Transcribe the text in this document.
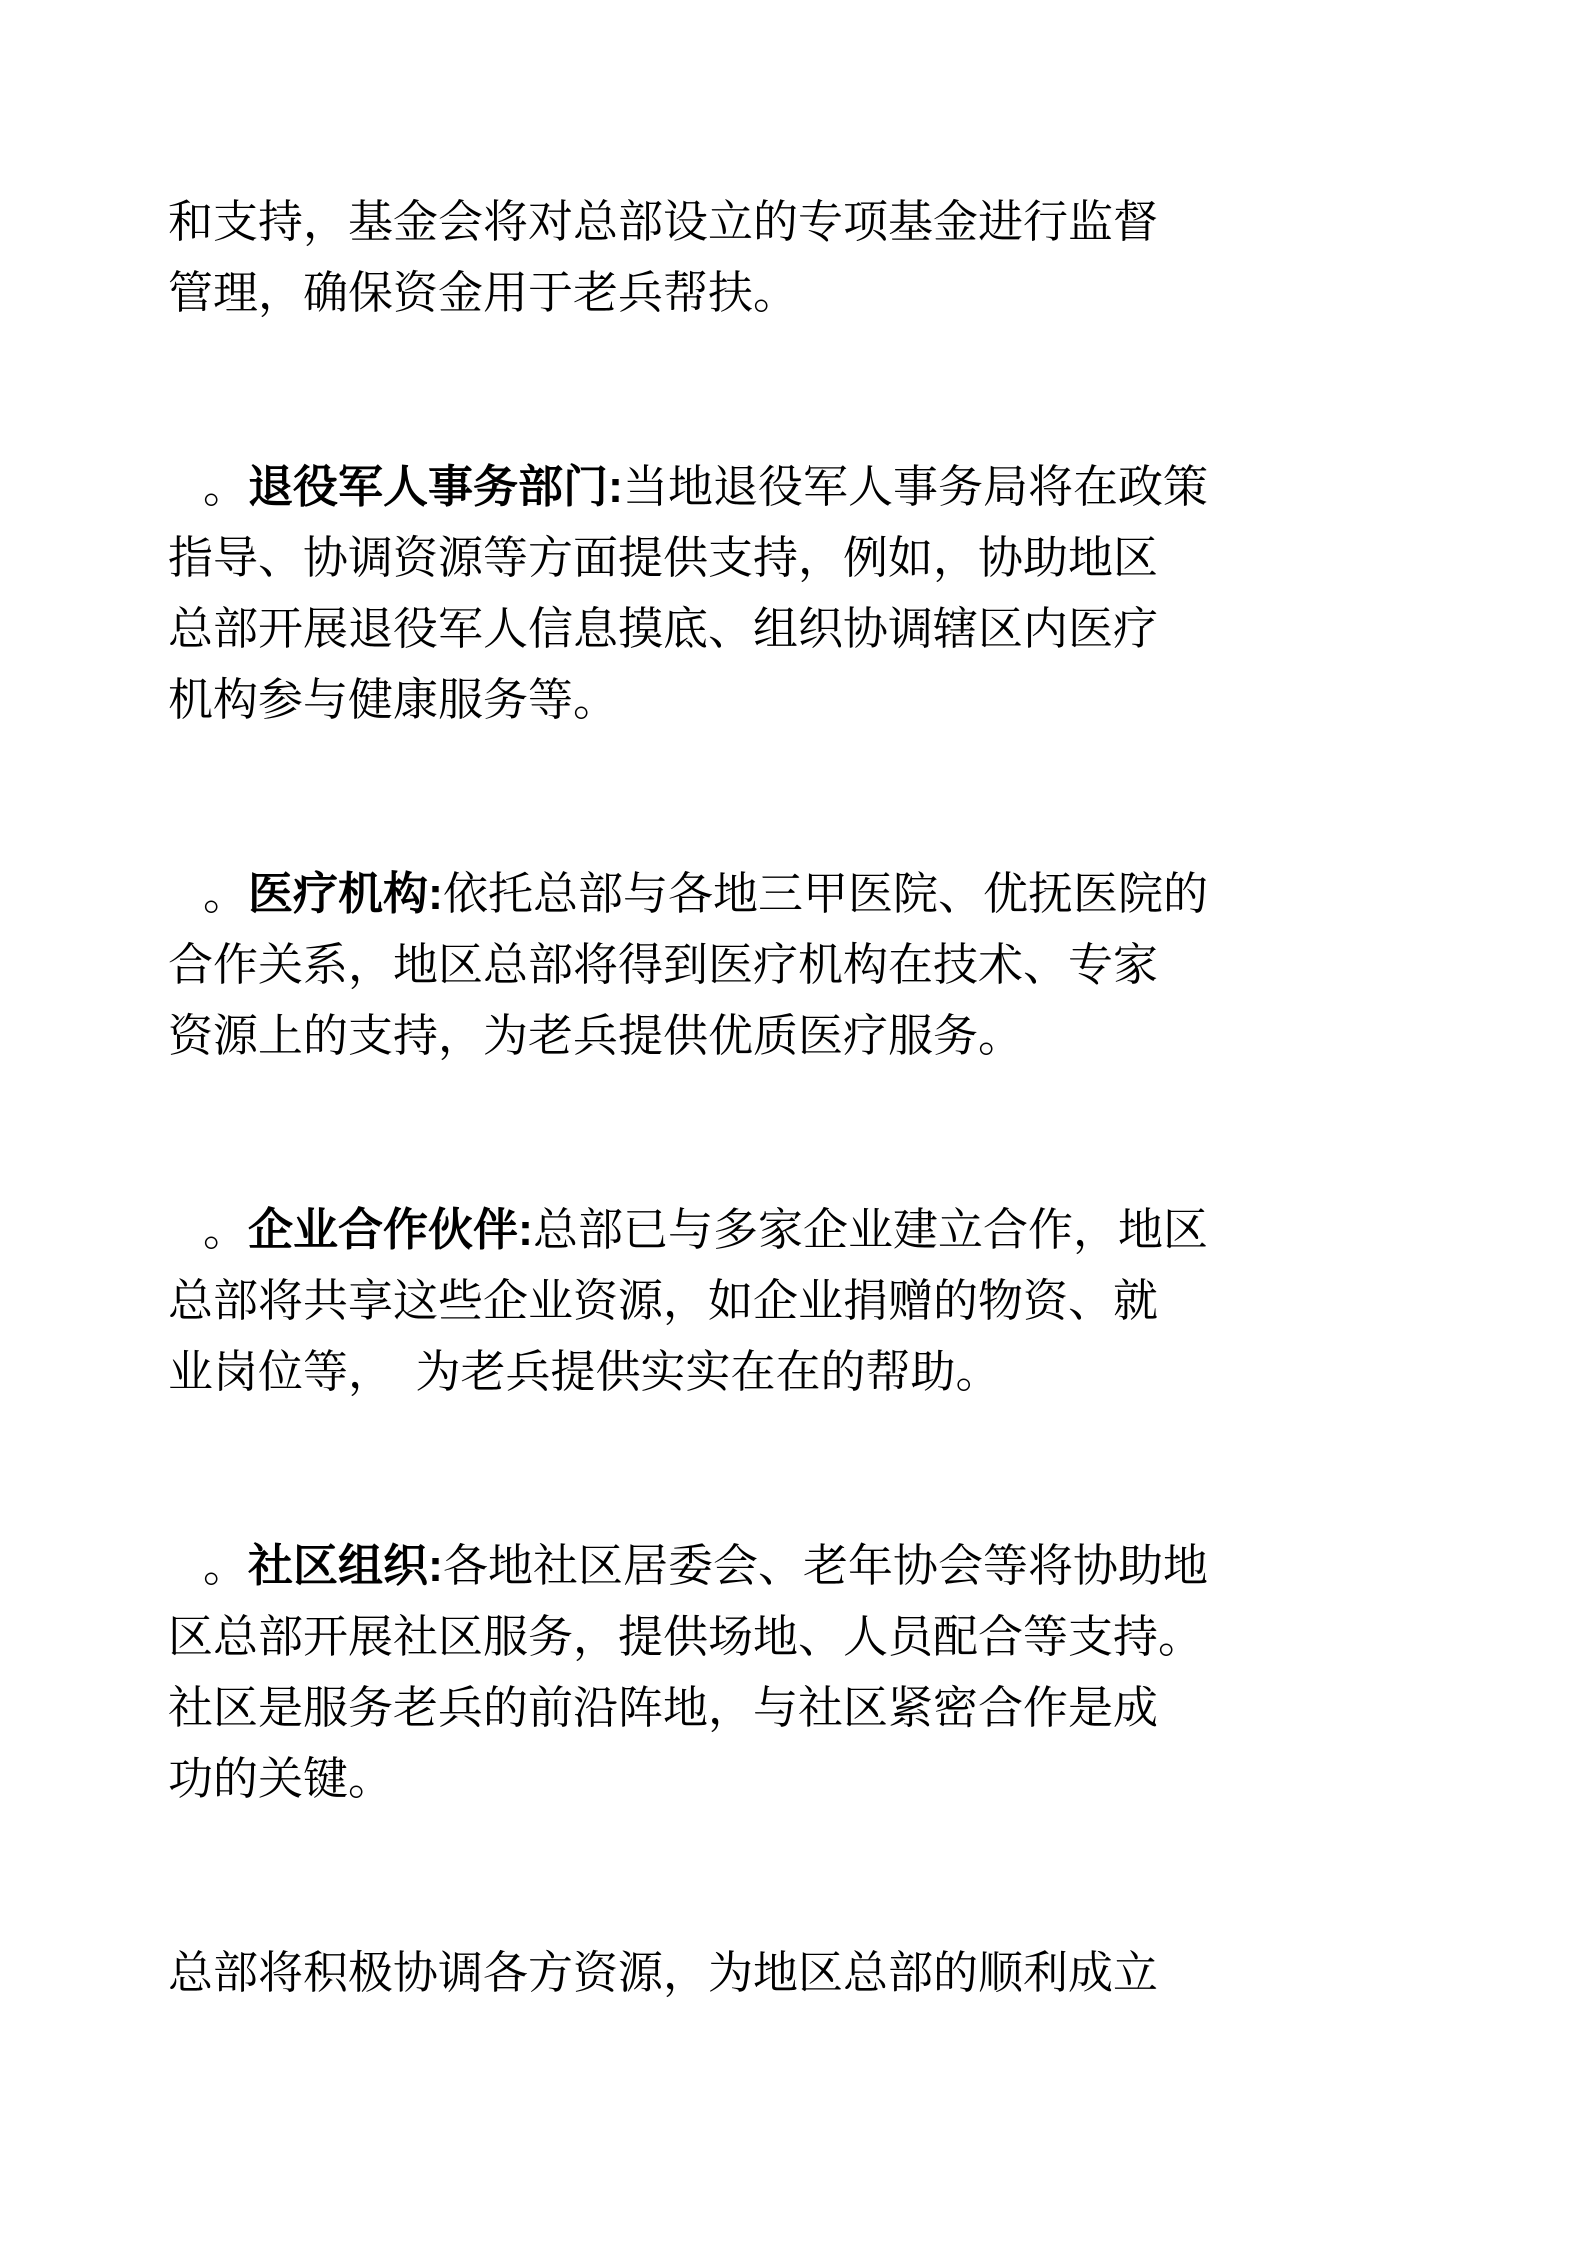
和支持，基金会将对总部设立的专项基金进行监督
管理，确保资金用于老兵帮扶。
。退役军人事务部门:当地退役军人事务局将在政策
指导、协调资源等方面提供支持，例如，协助地区
总部开展退役军人信息摸底、组织协调辖区内医疗
机构参与健康服务等。
。医疗机构:依托总部与各地三甲医院、优抚医院的
合作关系，地区总部将得到医疗机构在技术、专家
资源上的支持，为老兵提供优质医疗服务。
。企业合作伙伴:总部已与多家企业建立合作，地区
总部将共享这些企业资源，如企业捐赠的物资、就
业岗位等，　为老兵提供实实在在的帮助。
。社区组织:各地社区居委会、老年协会等将协助地
区总部开展社区服务，提供场地、人员配合等支持。
社区是服务老兵的前沿阵地，与社区紧密合作是成
功的关键。
总部将积极协调各方资源，为地区总部的顺利成立
